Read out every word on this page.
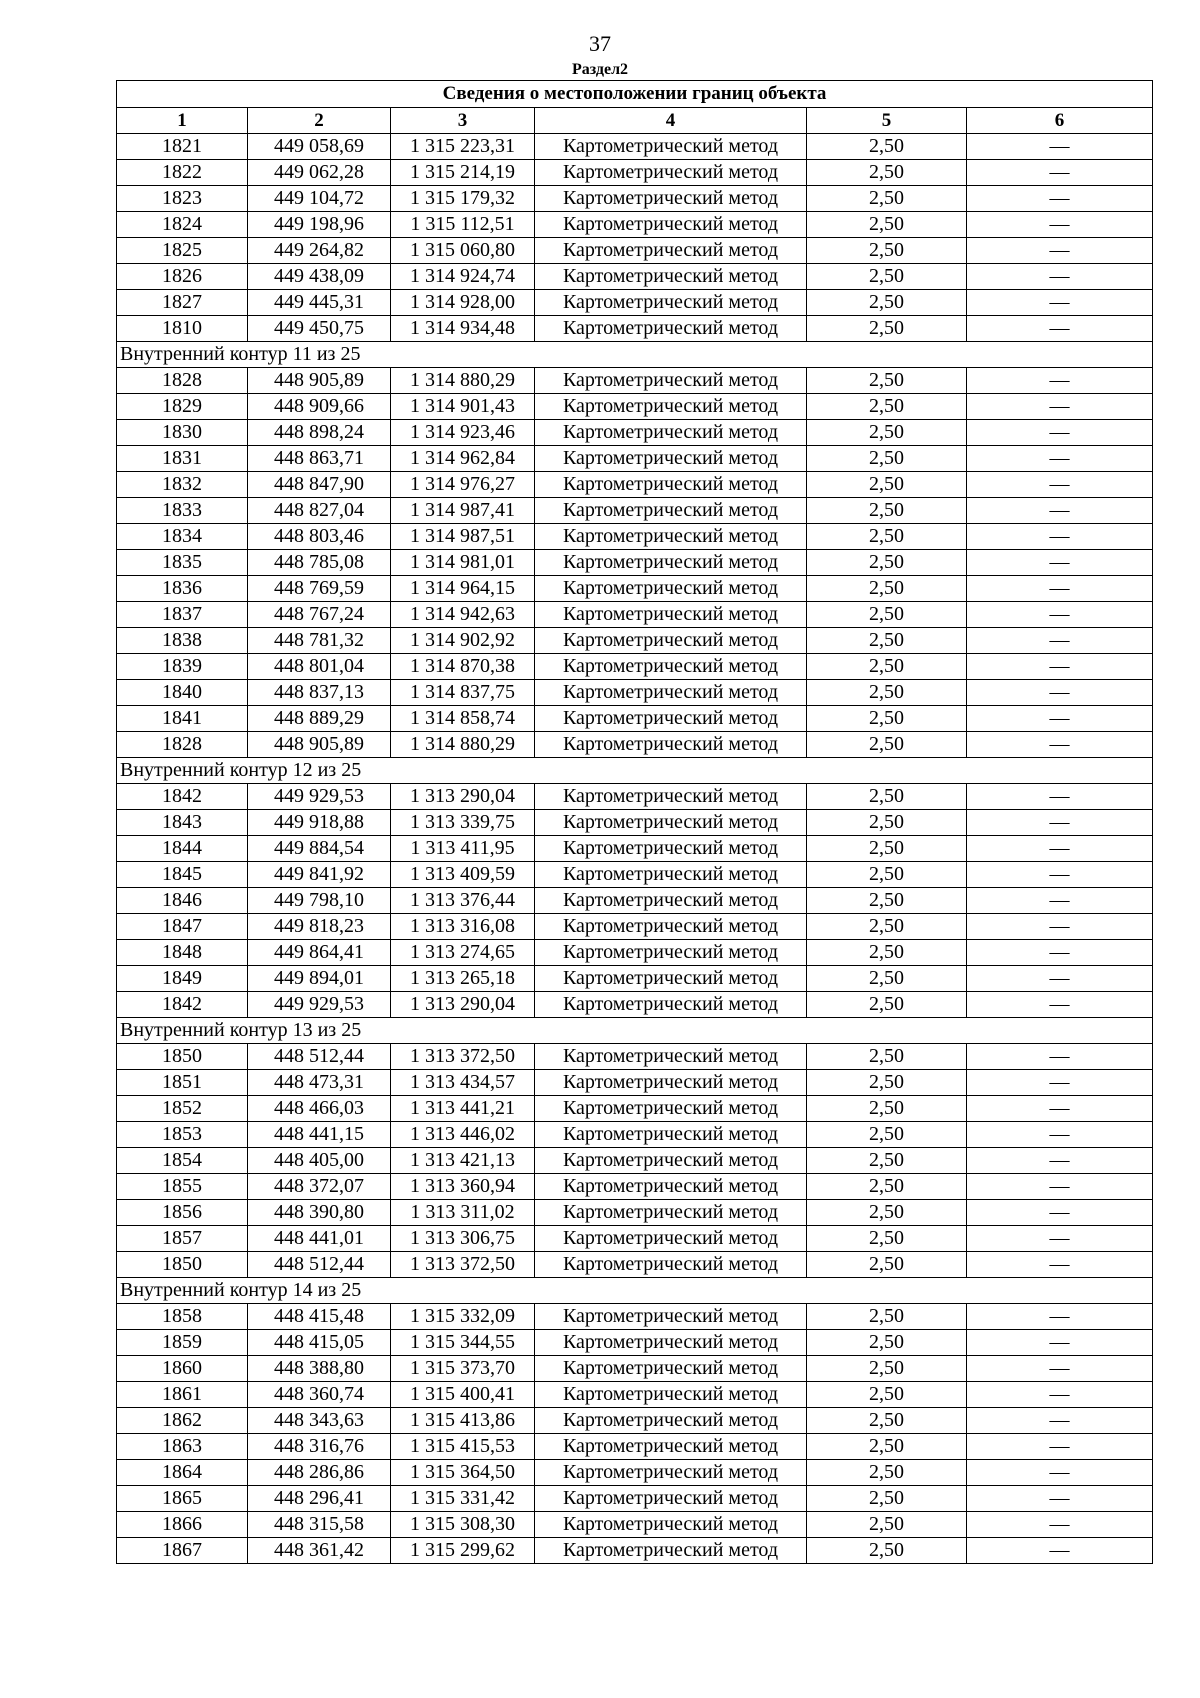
37
Раздел2
Сведения о местоположении границ объекта					
1	2	3	4	5	6
1821	449 058,69	1 315 223,31	Картометрический метод	2,50	—
1822	449 062,28	1 315 214,19	Картометрический метод	2,50	—
1823	449 104,72	1 315 179,32	Картометрический метод	2,50	—
1824	449 198,96	1 315 112,51	Картометрический метод	2,50	—
1825	449 264,82	1 315 060,80	Картометрический метод	2,50	—
1826	449 438,09	1 314 924,74	Картометрический метод	2,50	—
1827	449 445,31	1 314 928,00	Картометрический метод	2,50	—
1810	449 450,75	1 314 934,48	Картометрический метод	2,50	—
Внутренний контур 11 из 25					
1828	448 905,89	1 314 880,29	Картометрический метод	2,50	—
1829	448 909,66	1 314 901,43	Картометрический метод	2,50	—
1830	448 898,24	1 314 923,46	Картометрический метод	2,50	—
1831	448 863,71	1 314 962,84	Картометрический метод	2,50	—
1832	448 847,90	1 314 976,27	Картометрический метод	2,50	—
1833	448 827,04	1 314 987,41	Картометрический метод	2,50	—
1834	448 803,46	1 314 987,51	Картометрический метод	2,50	—
1835	448 785,08	1 314 981,01	Картометрический метод	2,50	—
1836	448 769,59	1 314 964,15	Картометрический метод	2,50	—
1837	448 767,24	1 314 942,63	Картометрический метод	2,50	—
1838	448 781,32	1 314 902,92	Картометрический метод	2,50	—
1839	448 801,04	1 314 870,38	Картометрический метод	2,50	—
1840	448 837,13	1 314 837,75	Картометрический метод	2,50	—
1841	448 889,29	1 314 858,74	Картометрический метод	2,50	—
1828	448 905,89	1 314 880,29	Картометрический метод	2,50	—
Внутренний контур 12 из 25					
1842	449 929,53	1 313 290,04	Картометрический метод	2,50	—
1843	449 918,88	1 313 339,75	Картометрический метод	2,50	—
1844	449 884,54	1 313 411,95	Картометрический метод	2,50	—
1845	449 841,92	1 313 409,59	Картометрический метод	2,50	—
1846	449 798,10	1 313 376,44	Картометрический метод	2,50	—
1847	449 818,23	1 313 316,08	Картометрический метод	2,50	—
1848	449 864,41	1 313 274,65	Картометрический метод	2,50	—
1849	449 894,01	1 313 265,18	Картометрический метод	2,50	—
1842	449 929,53	1 313 290,04	Картометрический метод	2,50	—
Внутренний контур 13 из 25					
1850	448 512,44	1 313 372,50	Картометрический метод	2,50	—
1851	448 473,31	1 313 434,57	Картометрический метод	2,50	—
1852	448 466,03	1 313 441,21	Картометрический метод	2,50	—
1853	448 441,15	1 313 446,02	Картометрический метод	2,50	—
1854	448 405,00	1 313 421,13	Картометрический метод	2,50	—
1855	448 372,07	1 313 360,94	Картометрический метод	2,50	—
1856	448 390,80	1 313 311,02	Картометрический метод	2,50	—
1857	448 441,01	1 313 306,75	Картометрический метод	2,50	—
1850	448 512,44	1 313 372,50	Картометрический метод	2,50	—
Внутренний контур 14 из 25					
1858	448 415,48	1 315 332,09	Картометрический метод	2,50	—
1859	448 415,05	1 315 344,55	Картометрический метод	2,50	—
1860	448 388,80	1 315 373,70	Картометрический метод	2,50	—
1861	448 360,74	1 315 400,41	Картометрический метод	2,50	—
1862	448 343,63	1 315 413,86	Картометрический метод	2,50	—
1863	448 316,76	1 315 415,53	Картометрический метод	2,50	—
1864	448 286,86	1 315 364,50	Картометрический метод	2,50	—
1865	448 296,41	1 315 331,42	Картометрический метод	2,50	—
1866	448 315,58	1 315 308,30	Картометрический метод	2,50	—
1867	448 361,42	1 315 299,62	Картометрический метод	2,50	—
